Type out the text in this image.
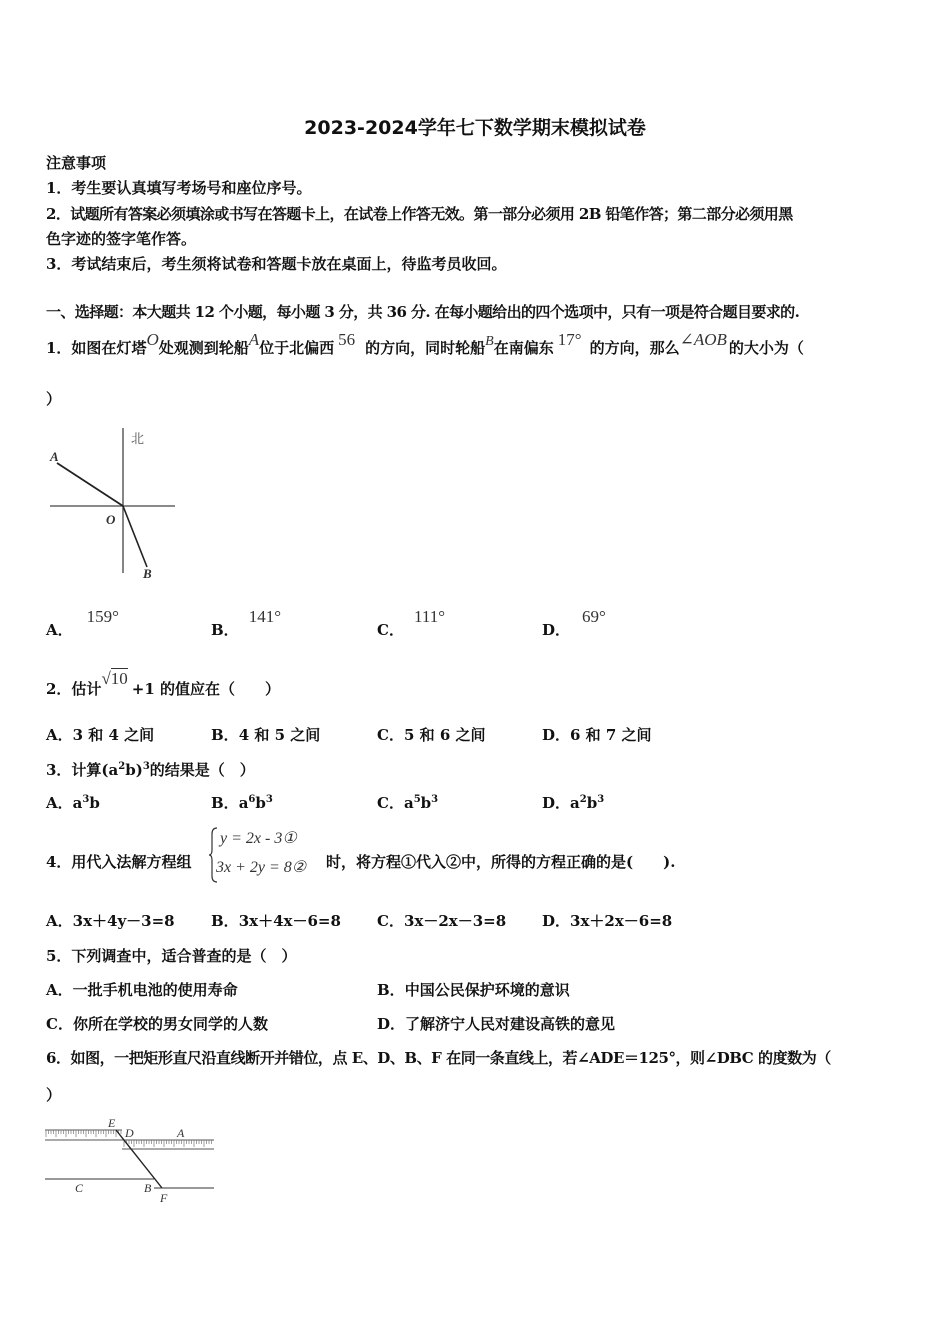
2023-2024学年七下数学期末模拟试卷
注意事项
1．考生要认真填写考场号和座位序号。
2．试题所有答案必须填涂或书写在答题卡上，在试卷上作答无效。第一部分必须用 2B 铅笔作答；第二部分必须用黑
色字迹的签字笔作答。
3．考试结束后，考生须将试卷和答题卡放在桌面上，待监考员收回。
一、选择题：本大题共 12 个小题，每小题 3 分，共 36 分. 在每小题给出的四个选项中，只有一项是符合题目要求的.
1．如图在灯塔O处观测到轮船A位于北偏西 56 的方向，同时轮船B在南偏东 17° 的方向，那么∠AOB 的大小为（
）
北
A
O
B
A．159°
B．141°
C．111°
D．69°
2．估计√10+1 的值应在（　　）
A．3 和 4 之间	B．4 和 5 之间	C．5 和 6 之间	D．6 和 7 之间
3．计算$(a^2b)^3$的结果是（　）
A．$a^3b$	B．$a^6b^3$	C．$a^5b^3$	D．$a^2b^3$
4．用代入法解方程组
y = 2x - 3①
3x + 2y = 8② 时，将方程①代入②中，所得的方程正确的是(　　).
A．3x＋4y－3=8 B．3x＋4x－6=8 C．3x－2x－3=8 D．3x＋2x－6=8
5．下列调查中，适合普查的是（　）
A．一批手机电池的使用寿命	B．中国公民保护环境的意识
C．你所在学校的男女同学的人数	D．了解济宁人民对建设高铁的意见
6．如图，一把矩形直尺沿直线断开并错位，点 E、D、B、F 在同一条直线上，若∠ADE＝125°，则∠DBC 的度数为（
）
E
D	A
C	B
F
